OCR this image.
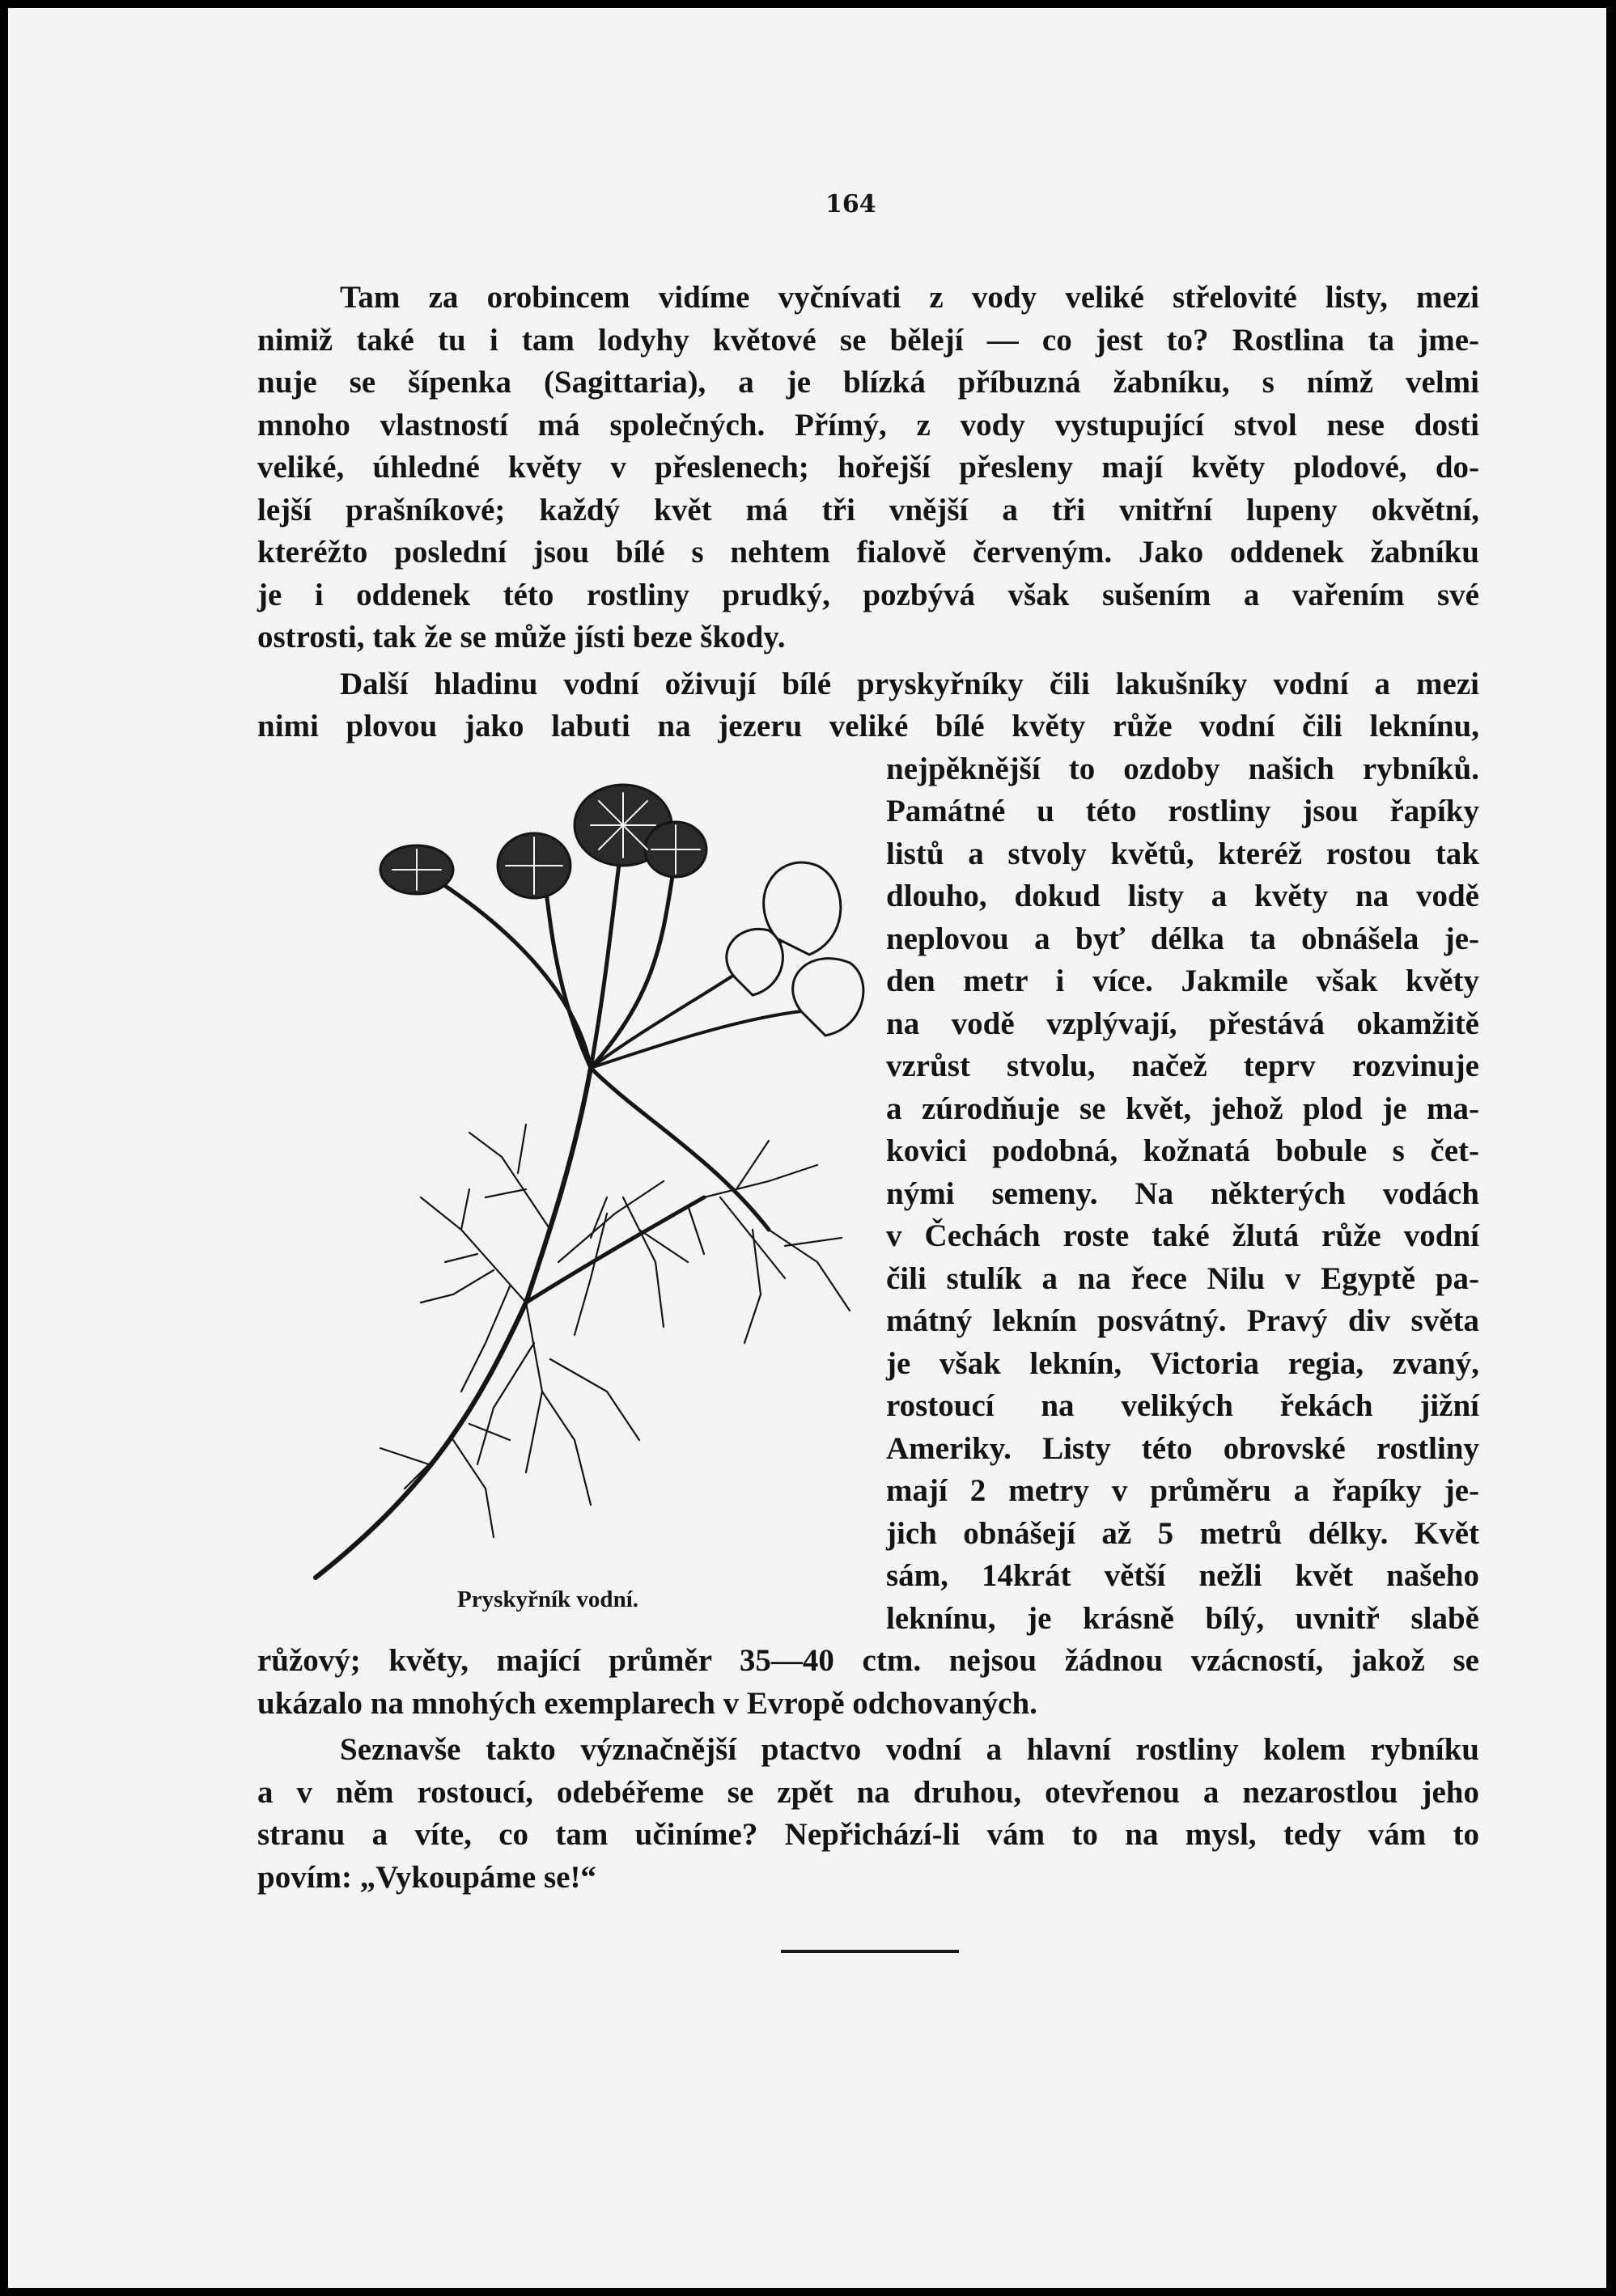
164
Tam za orobincem vidíme vyčnívati z vody veliké střelovité listy, mezi
nimiž také tu i tam lodyhy květové se bělejí — co jest to? Rostlina ta jme-
nuje se šípenka (Sagittaria), a je blízká příbuzná žabníku, s nímž velmi
mnoho vlastností má společných. Přímý, z vody vystupující stvol nese dosti
veliké, úhledné květy v přeslenech; hořejší přesleny mají květy plodové, do-
lejší prašníkové; každý květ má tři vnější a tři vnitřní lupeny okvětní,
kteréžto poslední jsou bílé s nehtem fialově červeným. Jako oddenek žabníku
je i oddenek této rostliny prudký, pozbývá však sušením a vařením své
ostrosti, tak že se může jísti beze škody.
Další hladinu vodní oživují bílé pryskyřníky čili lakušníky vodní a mezi
nimi plovou jako labuti na jezeru veliké bílé květy růže vodní čili leknínu,
nejpěknější to ozdoby našich rybníků.
Památné u této rostliny jsou řapíky
listů a stvoly květů, kteréž rostou tak
dlouho, dokud listy a květy na vodě
neplovou a byť délka ta obnášela je-
den metr i více. Jakmile však květy
na vodě vzplývají, přestává okamžitě
vzrůst stvolu, načež teprv rozvinuje
a zúrodňuje se květ, jehož plod je ma-
kovici podobná, kožnatá bobule s čet-
nými semeny. Na některých vodách
v Čechách roste také žlutá růže vodní
čili stulík a na řece Nilu v Egyptě pa-
mátný leknín posvátný. Pravý div světa
je však leknín, Victoria regia, zvaný,
rostoucí na velikých řekách jižní
Ameriky. Listy této obrovské rostliny
mají 2 metry v průměru a řapíky je-
jich obnášejí až 5 metrů délky. Květ
sám, 14krát větší nežli květ našeho
leknínu, je krásně bílý, uvnitř slabě
růžový; květy, mající průměr 35—40 ctm. nejsou žádnou vzácností, jakož se
ukázalo na mnohých exemplarech v Evropě odchovaných.
Seznavše takto význačnější ptactvo vodní a hlavní rostliny kolem rybníku
a v něm rostoucí, odebéřeme se zpět na druhou, otevřenou a nezarostlou jeho
stranu a víte, co tam učiníme? Nepřichází-li vám to na mysl, tedy vám to
povím: „Vykoupáme se!“
Pryskyřník vodní.
